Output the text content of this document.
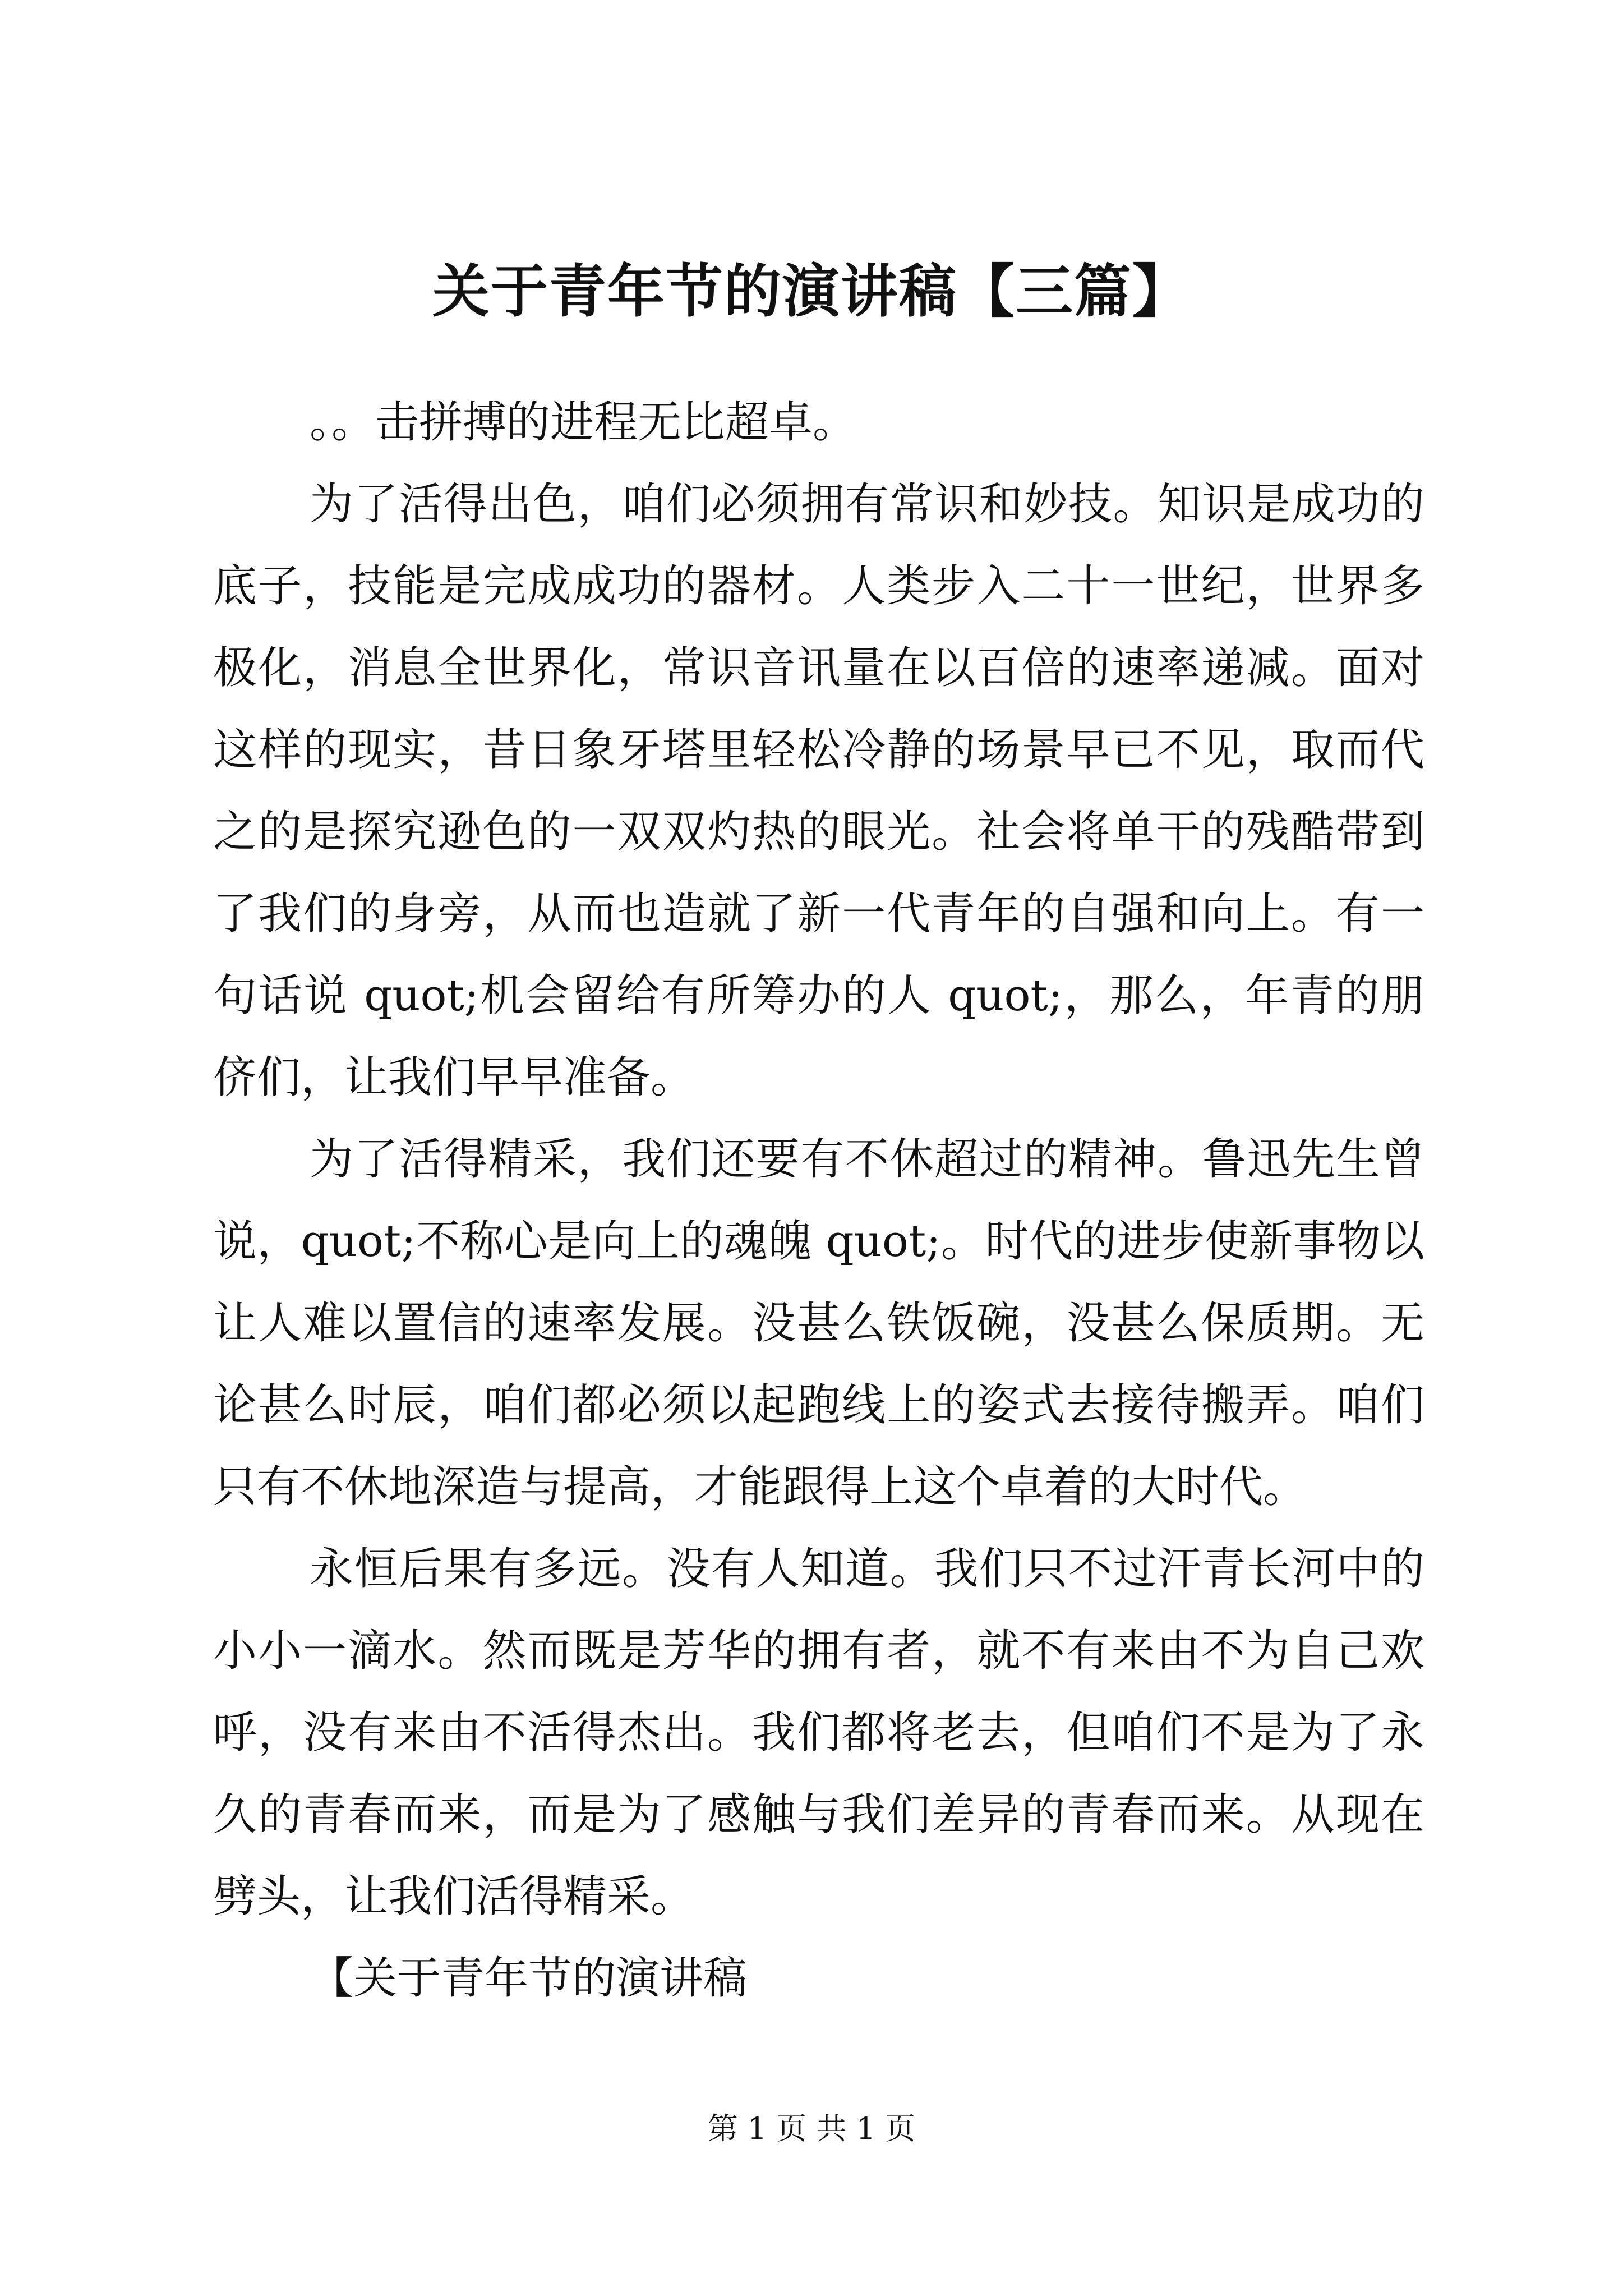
关于青年节的演讲稿【三篇】

。。击拼搏的进程无比超卓。

为了活得出色，咱们必须拥有常识和妙技。知识是成功的底子，技能是完成成功的器材。人类步入二十一世纪，世界多极化，消息全世界化，常识音讯量在以百倍的速率递减。面对这样的现实，昔日象牙塔里轻松冷静的场景早已不见，取而代之的是探究逊色的一双双灼热的眼光。社会将单干的残酷带到了我们的身旁，从而也造就了新一代青年的自强和向上。有一句话说 quot;机会留给有所筹办的人 quot;，那么，年青的朋侪们，让我们早早准备。

为了活得精采，我们还要有不休超过的精神。鲁迅先生曾说，quot;不称心是向上的魂魄 quot;。时代的进步使新事物以让人难以置信的速率发展。没甚么铁饭碗，没甚么保质期。无论甚么时辰，咱们都必须以起跑线上的姿式去接待搬弄。咱们只有不休地深造与提高，才能跟得上这个卓着的大时代。

永恒后果有多远。没有人知道。我们只不过汗青长河中的小小一滴水。然而既是芳华的拥有者，就不有来由不为自己欢呼，没有来由不活得杰出。我们都将老去，但咱们不是为了永久的青春而来，而是为了感触与我们差异的青春而来。从现在劈头，让我们活得精采。

【关于青年节的演讲稿

第 1 页 共 1 页
